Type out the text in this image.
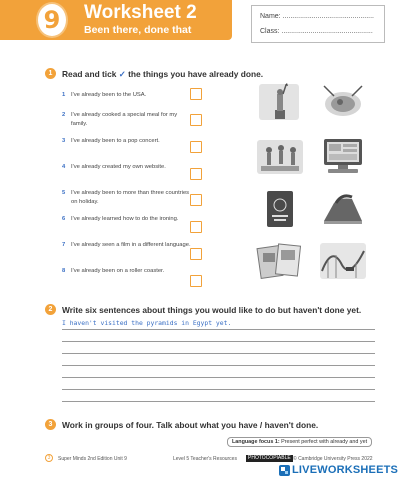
9 Worksheet 2
Been there, done that
Name: ...............................................
Class: ...............................................
1	Read and tick ✓ the things you have already done.
1 I've already been to the USA.
2 I've already cooked a special meal for my family.
3 I've already been to a pop concert.
4 I've already created my own website.
5 I've already been to more than three countries on holiday.
6 I've already learned how to do the ironing.
7 I've already seen a film in a different language.
8 I've already been on a roller coaster.
2	Write six sentences about things you would like to do but haven't done yet.
I haven't visited the pyramids in Egypt yet.
3	Work in groups of four. Talk about what you have / haven't done.
Language focus 1: Present perfect with already and yet
3	Super Minds 2nd Edition Unit 9	Level 5 Teacher's Resources	PHOTOCOPIABLE © Cambridge University Press 2022
LIVEWORKSHEETS
